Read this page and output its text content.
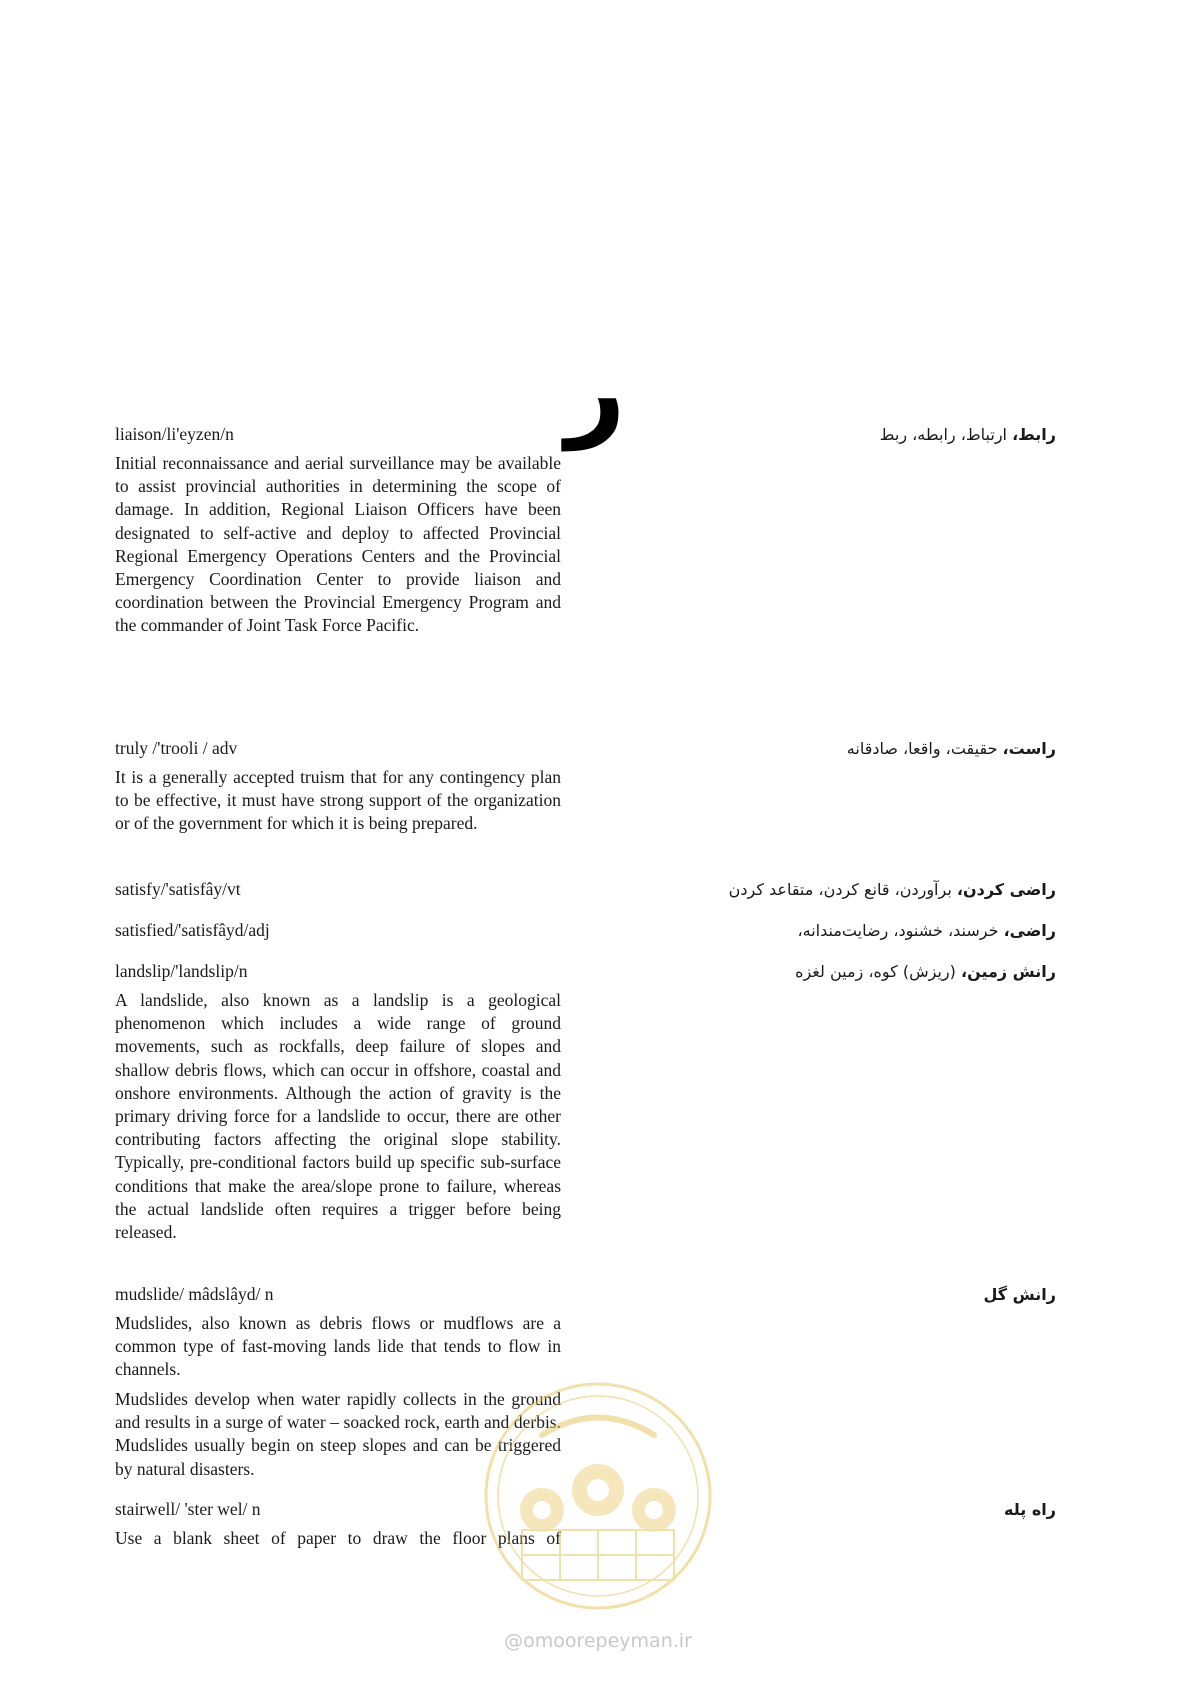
ر
liaison/li'eyzen/n	رابط، ارتباط، رابطه، ربط

Initial reconnaissance and aerial surveillance may be available to assist provincial authorities in determining the scope of damage. In addition, Regional Liaison Officers have been designated to self-active and deploy to affected Provincial Regional Emergency Operations Centers and the Provincial Emergency Coordination Center to provide liaison and coordination between the Provincial Emergency Program and the commander of Joint Task Force Pacific.

truly /'trooli / adv	راست، حقیقت، واقعا، صادقانه

It is a generally accepted truism that for any contingency plan to be effective, it must have strong support of the organization or of the government for which it is being prepared.

satisfy/'satisfây/vt	راضی کردن، برآوردن، قانع کردن، متقاعد کردن
satisfied/'satisfâyd/adj	راضی، خرسند، خشنود، رضایت‌مندانه،
landslip/'landslip/n	رانش زمین، (ریزش) کوه، زمین لغزه

A landslide, also known as a landslip is a geological phenomenon which includes a wide range of ground movements, such as rockfalls, deep failure of slopes and shallow debris flows, which can occur in offshore, coastal and onshore environments. Although the action of gravity is the primary driving force for a landslide to occur, there are other contributing factors affecting the original slope stability. Typically, pre-conditional factors build up specific sub-surface conditions that make the area/slope prone to failure, whereas the actual landslide often requires a trigger before being released.

mudslide/ mâdslâyd/ n	رانش گل

Mudslides, also known as debris flows or mudflows are a common type of fast-moving lands lide that tends to flow in channels.

Mudslides develop when water rapidly collects in the ground and results in a surge of water – soacked rock, earth and derbis. Mudslides usually begin on steep slopes and can be triggered by natural disasters.

stairwell/ 'ster wel/ n	راه پله

Use a blank sheet of paper to draw the floor plans of

@omoorepeyman.ir
